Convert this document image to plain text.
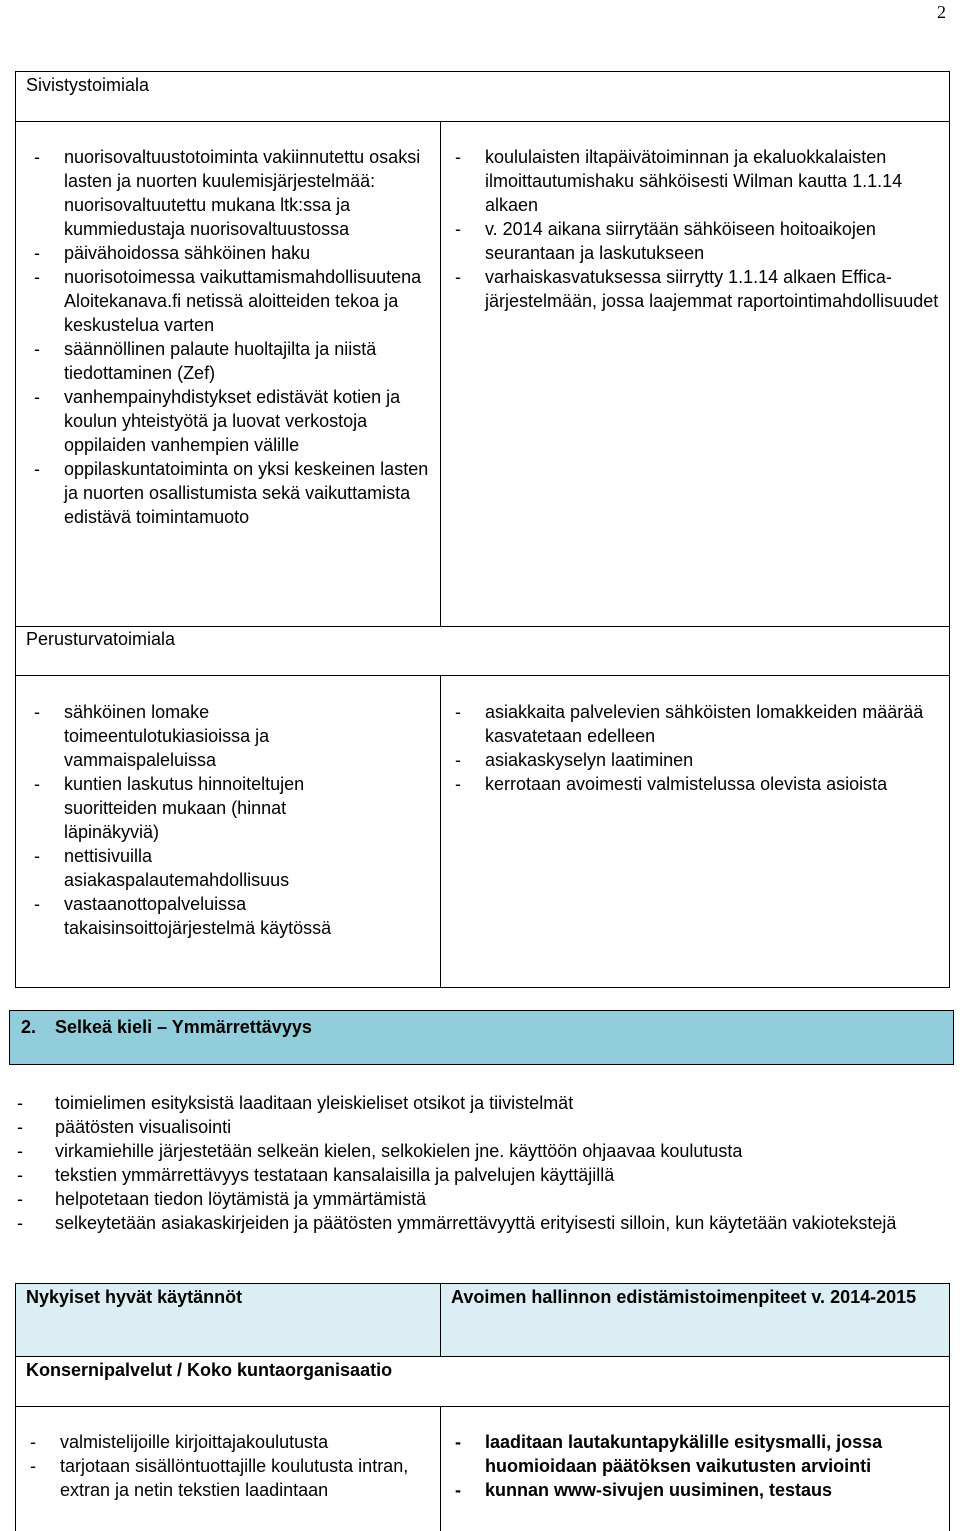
2
Sivistystoimiala
- nuorisovaltuustotoiminta vakiinnutettu osaksi lasten ja nuorten kuulemisjärjestelmää: nuorisovaltuutettu mukana ltk:ssa ja kummiedustaja nuorisovaltuustossa
- päivähoidossa sähköinen haku
- nuorisotoimessa vaikuttamismahdollisuutena Aloitekanava.fi netissä aloitteiden tekoa ja keskustelua varten
- säännöllinen palaute huoltajilta ja niistä tiedottaminen (Zef)
- vanhempainyhdistykset edistävät kotien ja koulun yhteistyötä ja luovat verkostoja oppilaiden vanhempien välille
- oppilaskuntatoiminta on yksi keskeinen lasten ja nuorten osallistumista sekä vaikuttamista edistävä toimintamuoto
- koululaisten iltapäivätoiminnan ja ekaluokkalaisten ilmoittautumishaku sähköisesti Wilman kautta 1.1.14 alkaen
- v. 2014 aikana siirrytään sähköiseen hoitoaikojen seurantaan ja laskutukseen
- varhaiskasvatuksessa siirrytty 1.1.14 alkaen Effica-järjestelmään, jossa laajemmat raportointimahdollisuudet
Perusturvatoimiala
- sähköinen lomake toimeentulotukiasioissa ja vammaispaleluissa
- kuntien laskutus hinnoiteltujen suoritteiden mukaan (hinnat läpinäkyviä)
- nettisivuilla asiakaspalautemahdollisuus
- vastaanottopalveluissa takaisinsoittojärjestelmä käytössä
- asiakkaita palvelevien sähköisten lomakkeiden määrää kasvatetaan edelleen
- asiakaskyselyn laatiminen
- kerrotaan avoimesti valmistelussa olevista asioista
2. Selkeä kieli – Ymmärrettävyys
- toimielimen esityksistä laaditaan yleiskieliset otsikot ja tiivistelmät
- päätösten visualisointi
- virkamiehille järjestetään selkeän kielen, selkokielen jne. käyttöön ohjaavaa koulutusta
- tekstien ymmärrettävyys testataan kansalaisilla ja palvelujen käyttäjillä
- helpotetaan tiedon löytämistä ja ymmärtämistä
- selkeytetään asiakaskirjeiden ja päätösten ymmärrettävyyttä erityisesti silloin, kun käytetään vakiotekstejä
Nykyiset hyvät käytännöt	Avoimen hallinnon edistämistoimenpiteet v. 2014-2015
Konsernipalvelut / Koko kuntaorganisaatio
- valmistelijoille kirjoittajakoulutusta
- tarjotaan sisällöntuottajille koulutusta intran, extran ja netin tekstien laadintaan
- laaditaan lautakuntapykälille esitysmalli, jossa huomioidaan päätöksen vaikutusten arviointi
- kunnan www-sivujen uusiminen, testaus
